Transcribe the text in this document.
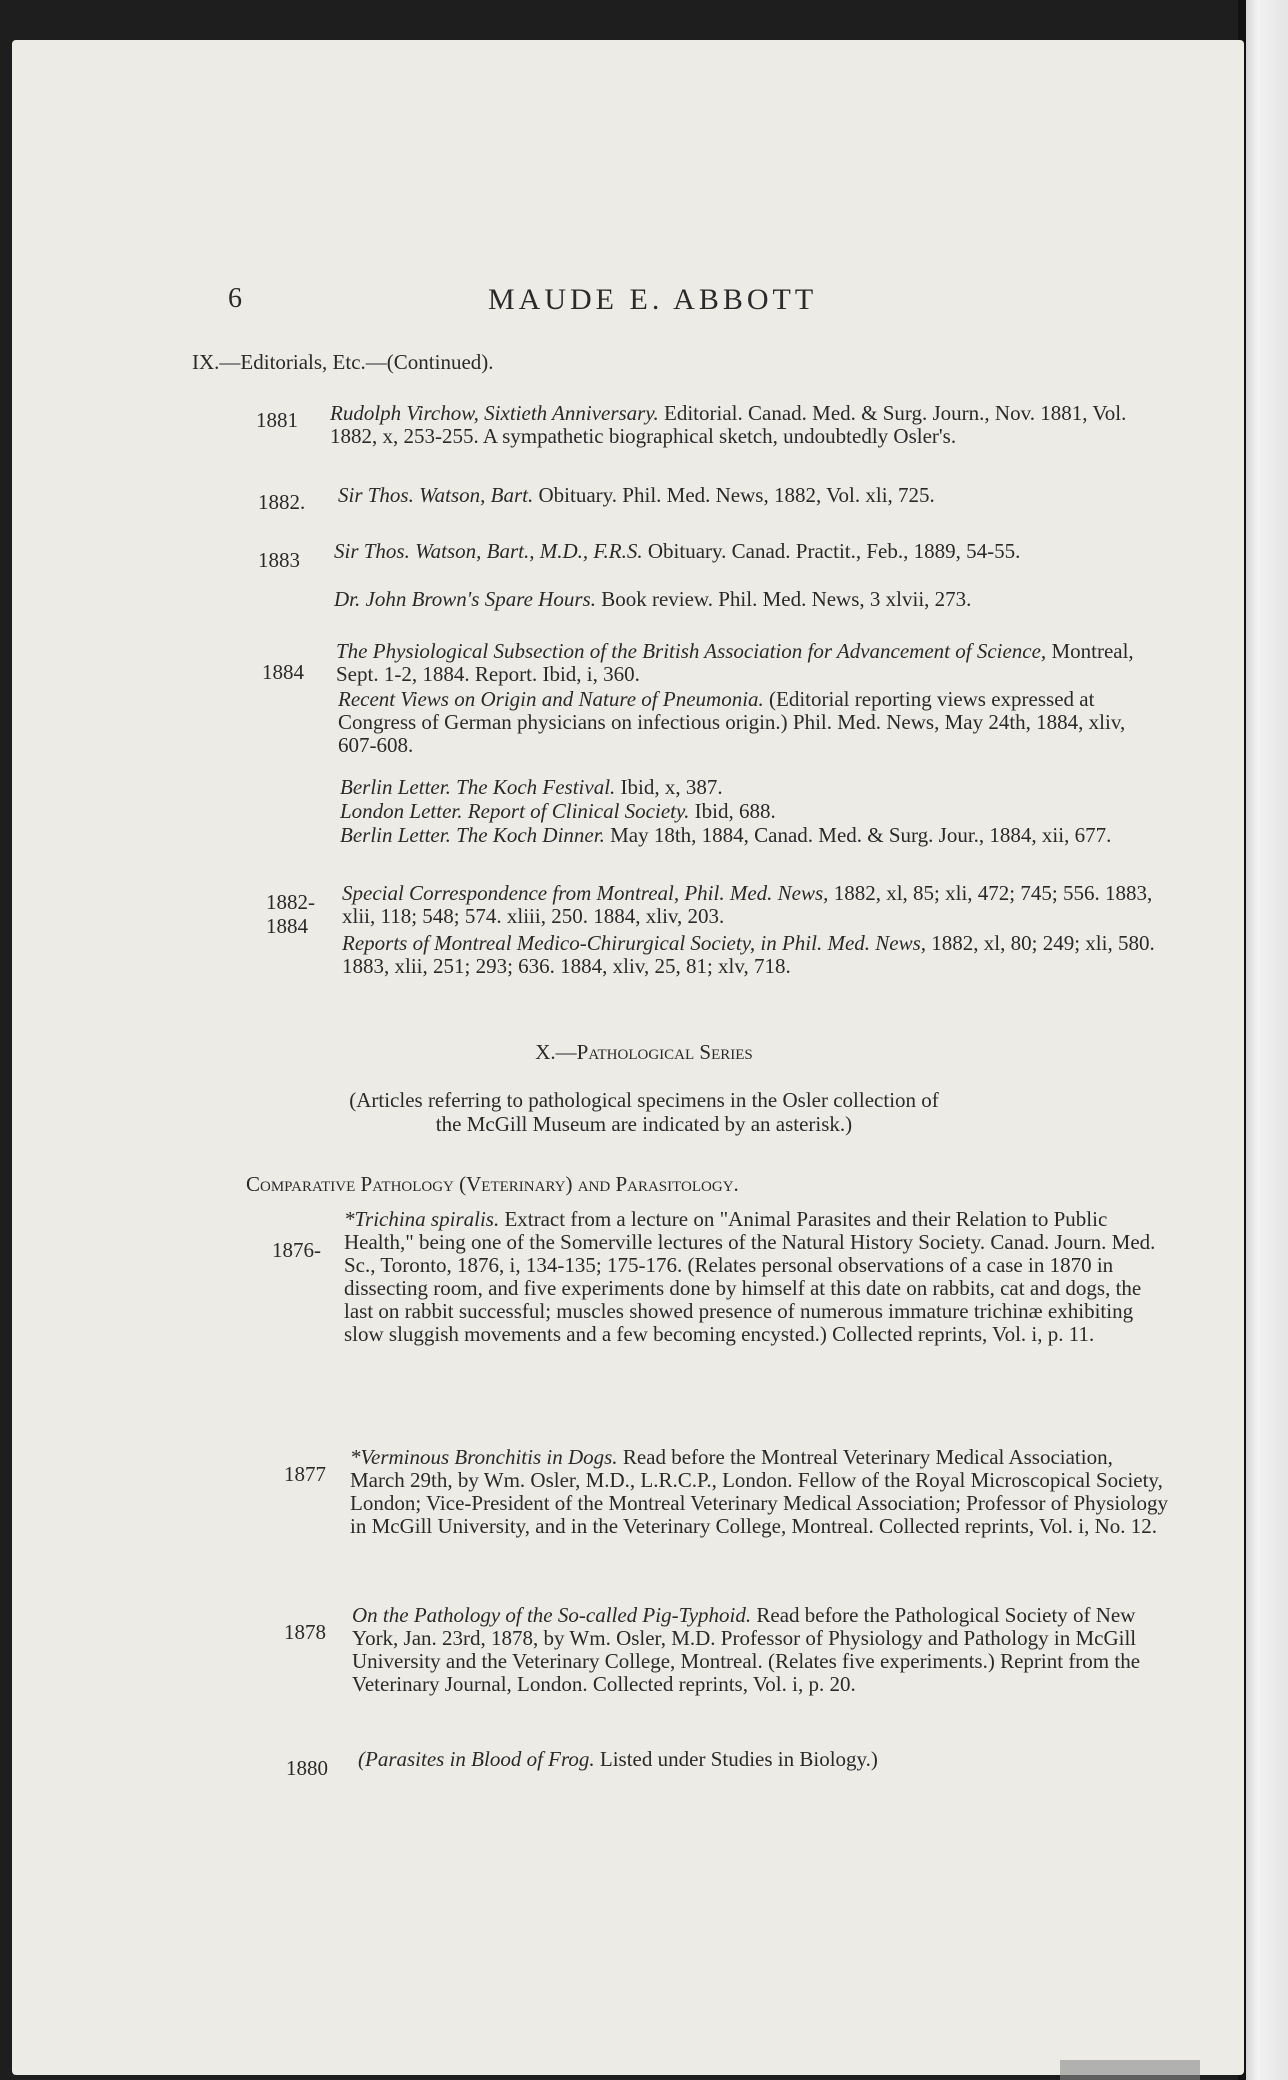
6	MAUDE E. ABBOTT
IX.—Editorials, Etc.—(Continued).
1881 Rudolph Virchow, Sixtieth Anniversary. Editorial. Canad. Med. & Surg. Journ., Nov. 1881, Vol. 1882, x, 253-255. A sympathetic biographical sketch, undoubtedly Osler's.
1882. Sir Thos. Watson, Bart. Obituary. Phil. Med. News, 1882, Vol. xli, 725.
1883 Sir Thos. Watson, Bart., M.D., F.R.S. Obituary. Canad. Practit., Feb., 1889, 54-55.
Dr. John Brown's Spare Hours. Book review. Phil. Med. News, 3 xlvii, 273.
1884
The Physiological Subsection of the British Association for Advancement of Science, Montreal, Sept. 1-2, 1884. Report. Ibid, i, 360.
Recent Views on Origin and Nature of Pneumonia. (Editorial reporting views expressed at Congress of German physicians on infectious origin.) Phil. Med. News, May 24th, 1884, xliv, 607-608.
Berlin Letter. The Koch Festival. Ibid, x, 387.
London Letter. Report of Clinical Society. Ibid, 688.
Berlin Letter. The Koch Dinner. May 18th, 1884, Canad. Med. & Surg. Jour., 1884, xii, 677.
1882-
1884
Special Correspondence from Montreal, Phil. Med. News, 1882, xl, 85; xli, 472; 745; 556. 1883, xlii, 118; 548; 574. xliii, 250. 1884, xliv, 203.
Reports of Montreal Medico-Chirurgical Society, in Phil. Med. News, 1882, xl, 80; 249; xli, 580. 1883, xlii, 251; 293; 636. 1884, xliv, 25, 81; xlv, 718.
X.—Pathological Series
(Articles referring to pathological specimens in the Osler collection of the McGill Museum are indicated by an asterisk.)
Comparative Pathology (Veterinary) and Parasitology.
1876-
*Trichina spiralis. Extract from a lecture on "Animal Parasites and their Relation to Public Health," being one of the Somerville lectures of the Natural History Society. Canad. Journ. Med. Sc., Toronto, 1876, i, 134-135; 175-176. (Relates personal observations of a case in 1870 in dissecting room, and five experiments done by himself at this date on rabbits, cat and dogs, the last on rabbit successful; muscles showed presence of numerous immature trichinæ exhibiting slow sluggish movements and a few becoming encysted.) Collected reprints, Vol. i, p. 11.
1877
*Verminous Bronchitis in Dogs. Read before the Montreal Veterinary Medical Association, March 29th, by Wm. Osler, M.D., L.R.C.P., London. Fellow of the Royal Microscopical Society, London; Vice-President of the Montreal Veterinary Medical Association; Professor of Physiology in McGill University, and in the Veterinary College, Montreal. Collected reprints, Vol. i, No. 12.
1878
On the Pathology of the So-called Pig-Typhoid. Read before the Pathological Society of New York, Jan. 23rd, 1878, by Wm. Osler, M.D. Professor of Physiology and Pathology in McGill University and the Veterinary College, Montreal. (Relates five experiments.) Reprint from the Veterinary Journal, London. Collected reprints, Vol. i, p. 20.
1880 (Parasites in Blood of Frog. Listed under Studies in Biology.)
